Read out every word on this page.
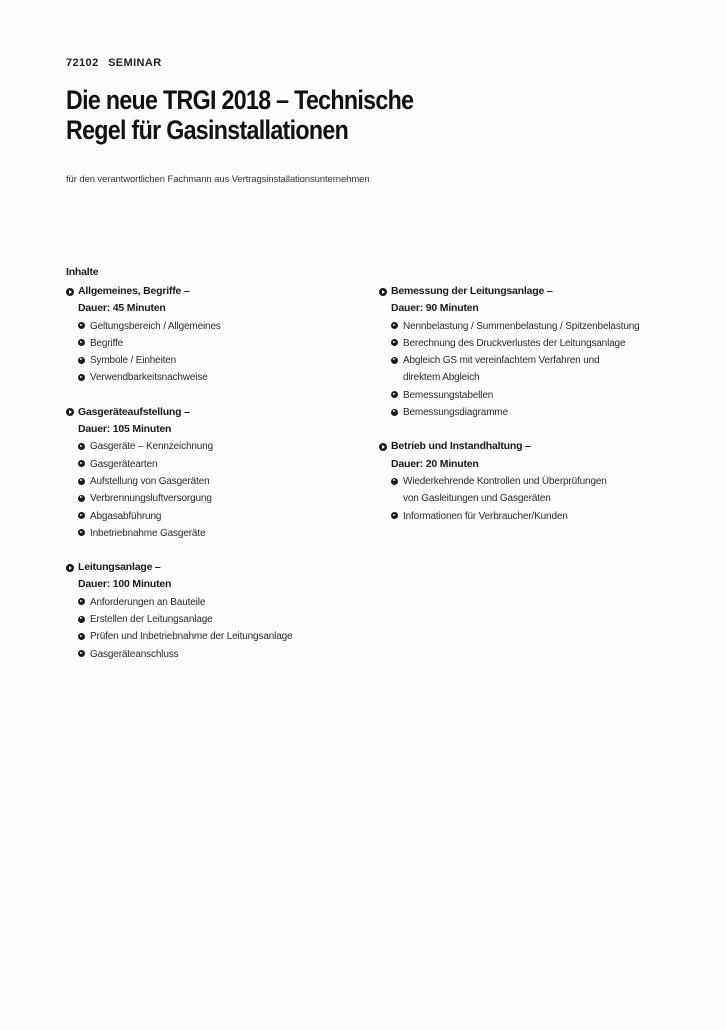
72102 SEMINAR
Die neue TRGI 2018 – Technische
Regel für Gasinstallationen
für den verantwortlichen Fachmann aus Vertragsinstallationsunternehmen
Inhalte
Allgemeines, Begriffe –
Dauer: 45 Minuten
Geltungsbereich / Allgemeines
Begriffe
Symbole / Einheiten
Verwendbarkeitsnachweise
Gasgeräteaufstellung –
Dauer: 105 Minuten
Gasgeräte – Kennzeichnung
Gasgerätearten
Aufstellung von Gasgeräten
Verbrennungsluftversorgung
Abgasabführung
Inbetriebnahme Gasgeräte
Leitungsanlage –
Dauer: 100 Minuten
Anforderungen an Bauteile
Erstellen der Leitungsanlage
Prüfen und Inbetriebnahme der Leitungsanlage
Gasgeräteanschluss
Bemessung der Leitungsanlage –
Dauer: 90 Minuten
Nennbelastung / Summenbelastung / Spitzenbelastung
Berechnung des Druckverlustes der Leitungsanlage
Abgleich GS mit vereinfachtem Verfahren und direktem Abgleich
Bemessungstabellen
Bemessungsdiagramme
Betrieb und Instandhaltung –
Dauer: 20 Minuten
Wiederkehrende Kontrollen und Überprüfungen von Gasleitungen und Gasgeräten
Informationen für Verbraucher/Kunden
